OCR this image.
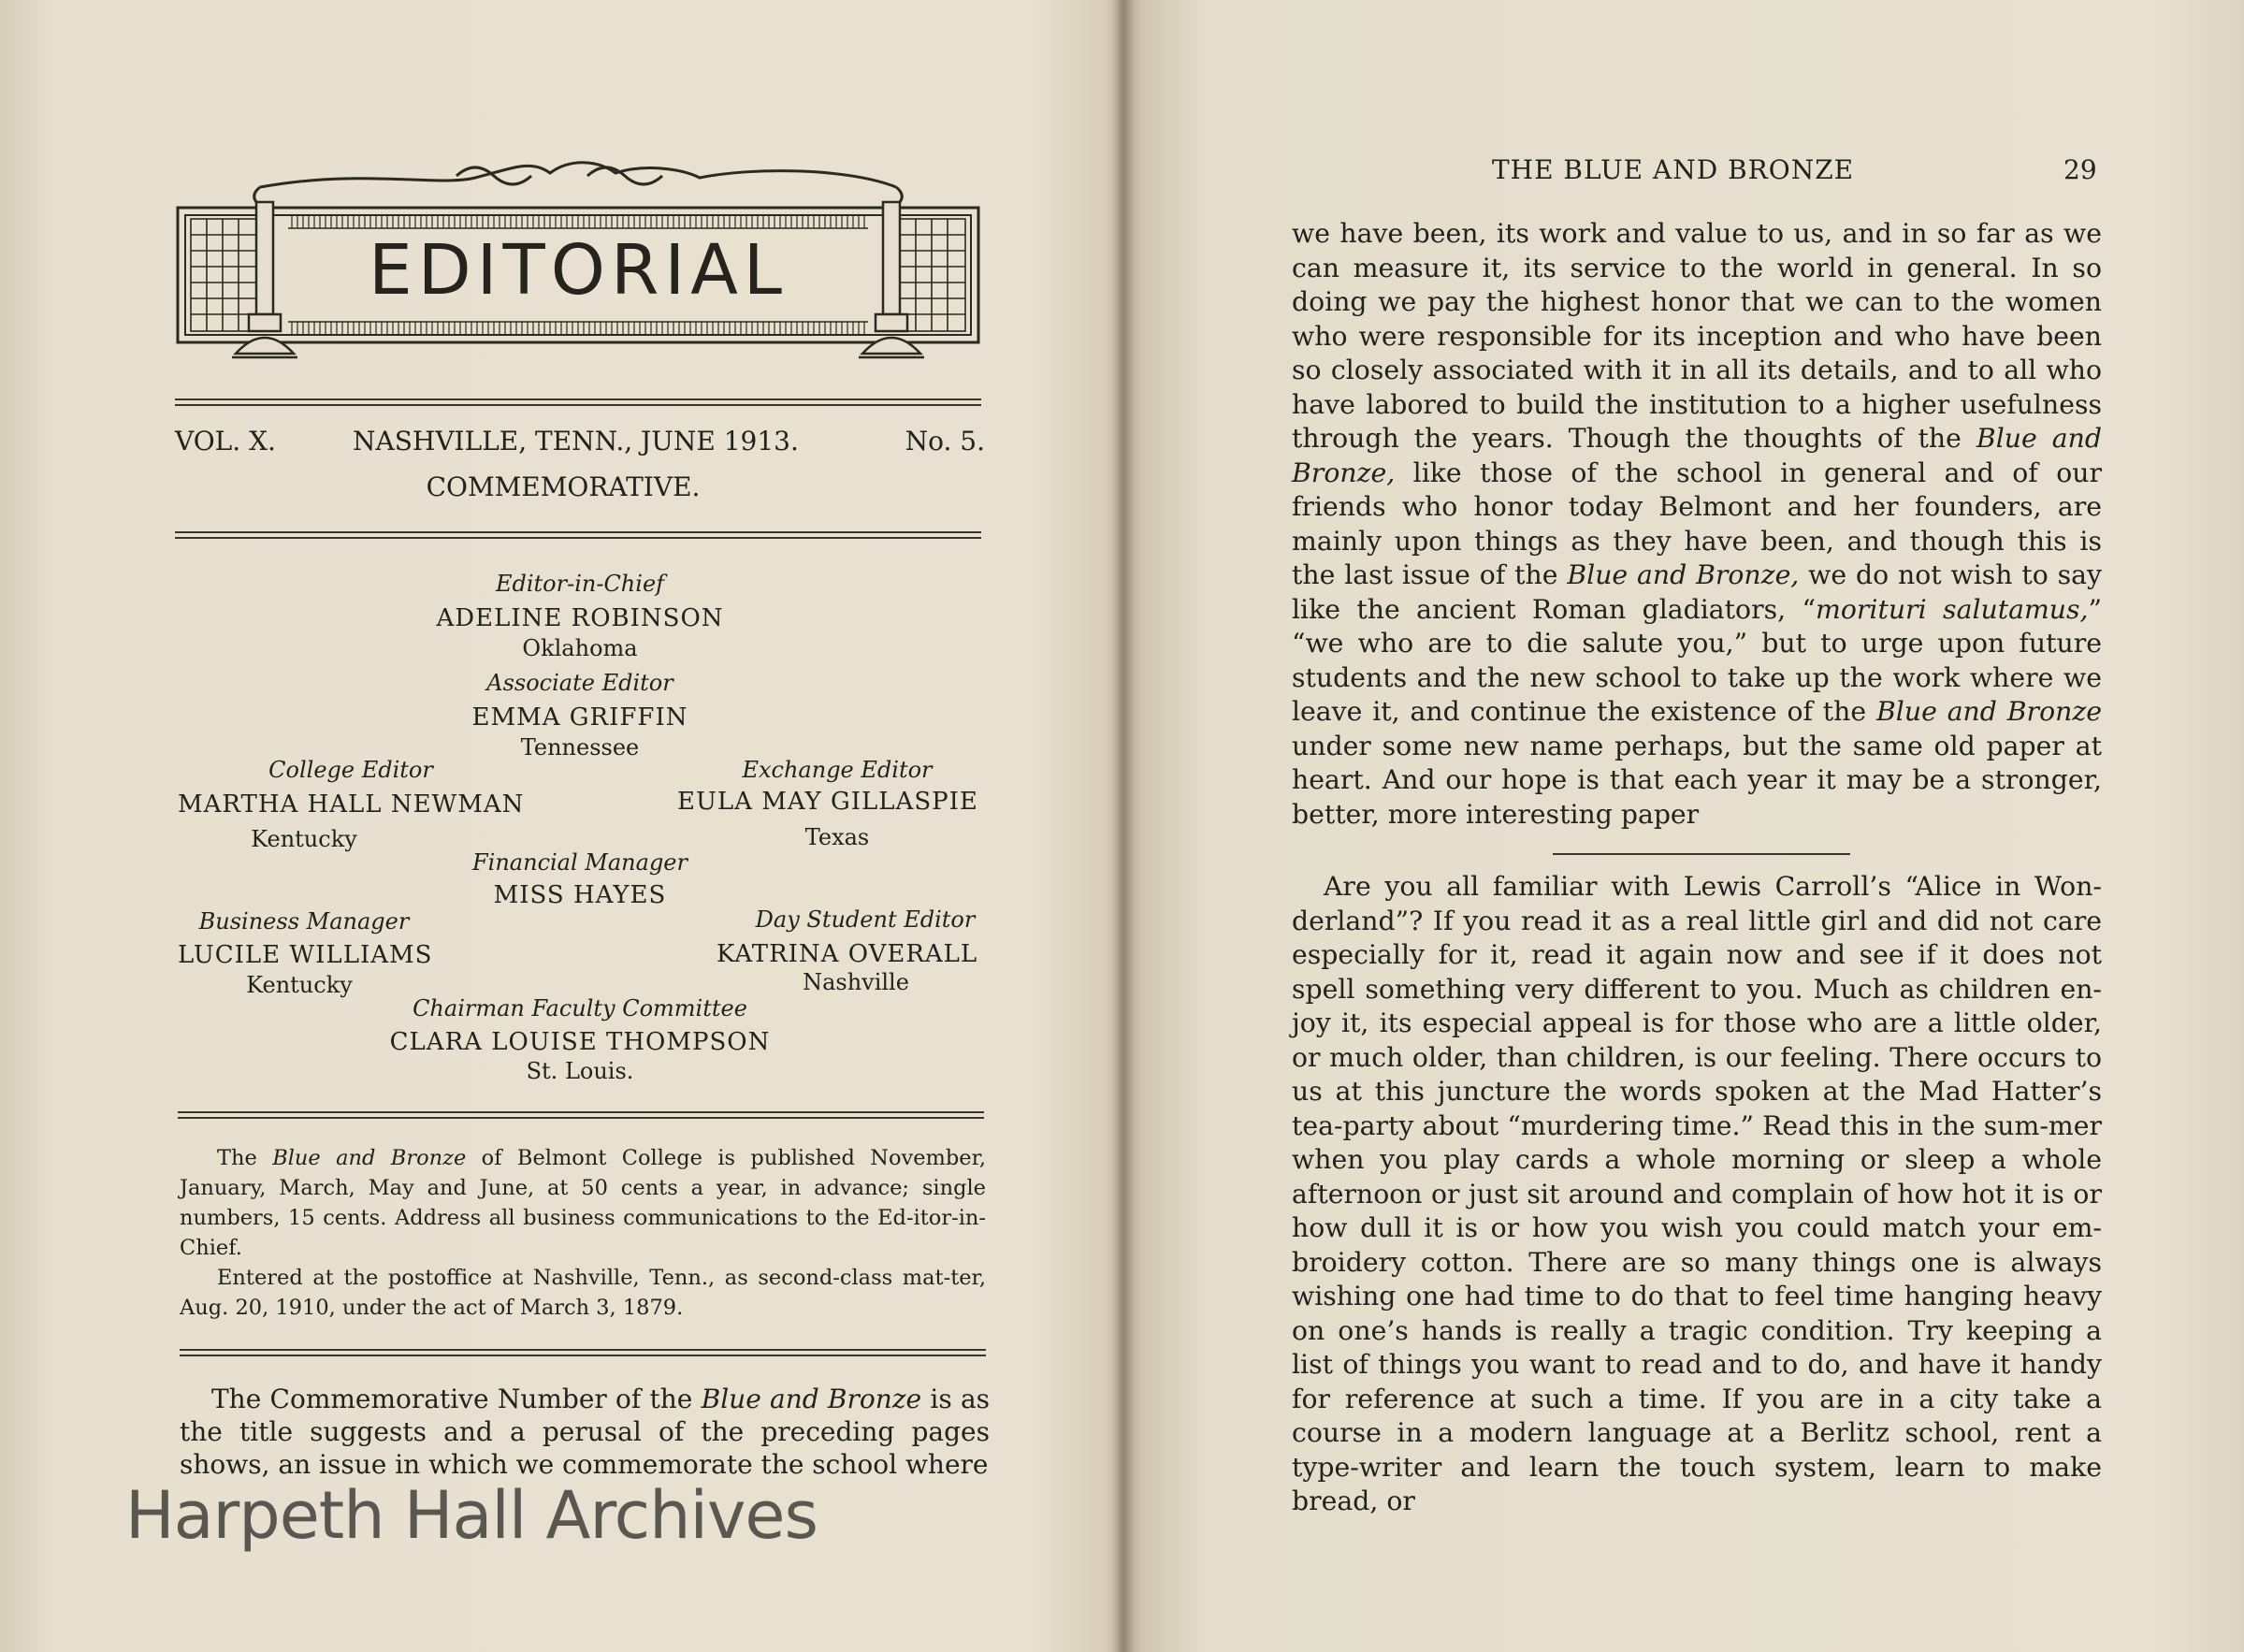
EDITORIAL
VOL. X.	NASHVILLE, TENN., JUNE 1913.	No. 5.
COMMEMORATIVE.
Editor-in-Chief
ADELINE ROBINSON
Oklahoma
Associate Editor
EMMA GRIFFIN
Tennessee
College Editor
MARTHA HALL NEWMAN
Kentucky
Exchange Editor
EULA MAY GILLASPIE
Texas
Financial Manager
MISS HAYES
Business Manager
LUCILE WILLIAMS
Kentucky
Day Student Editor
KATRINA OVERALL
Nashville
Chairman Faculty Committee
CLARA LOUISE THOMPSON
St. Louis.

The Blue and Bronze of Belmont College is published November, January, March, May and June, at 50 cents a year, in advance; single numbers, 15 cents. Address all business communications to the Ed-itor-in-Chief.

Entered at the postoffice at Nashville, Tenn., as second-class mat-ter, Aug. 20, 1910, under the act of March 3, 1879.

The Commemorative Number of the Blue and Bronze is as the title suggests and a perusal of the preceding pages shows, an issue in which we commemorate the school where

Harpeth Hall Archives
THE BLUE AND BRONZE	29

we have been, its work and value to us, and in so far as we can measure it, its service to the world in general. In so doing we pay the highest honor that we can to the women who were responsible for its inception and who have been so closely associated with it in all its details, and to all who have labored to build the institution to a higher usefulness through the years. Though the thoughts of the Blue and Bronze, like those of the school in general and of our friends who honor today Belmont and her founders, are mainly upon things as they have been, and though this is the last issue of the Blue and Bronze, we do not wish to say like the ancient Roman gladiators, “morituri salutamus,” “we who are to die salute you,” but to urge upon future students and the new school to take up the work where we leave it, and continue the existence of the Blue and Bronze under some new name perhaps, but the same old paper at heart. And our hope is that each year it may be a stronger, better, more interesting paper

Are you all familiar with Lewis Carroll’s “Alice in Won-derland”? If you read it as a real little girl and did not care especially for it, read it again now and see if it does not spell something very different to you. Much as children en-joy it, its especial appeal is for those who are a little older, or much older, than children, is our feeling. There occurs to us at this juncture the words spoken at the Mad Hatter’s tea-party about “murdering time.” Read this in the sum-mer when you play cards a whole morning or sleep a whole afternoon or just sit around and complain of how hot it is or how dull it is or how you wish you could match your em-broidery cotton. There are so many things one is always wishing one had time to do that to feel time hanging heavy on one’s hands is really a tragic condition. Try keeping a list of things you want to read and to do, and have it handy for reference at such a time. If you are in a city take a course in a modern language at a Berlitz school, rent a type-writer and learn the touch system, learn to make bread, or
